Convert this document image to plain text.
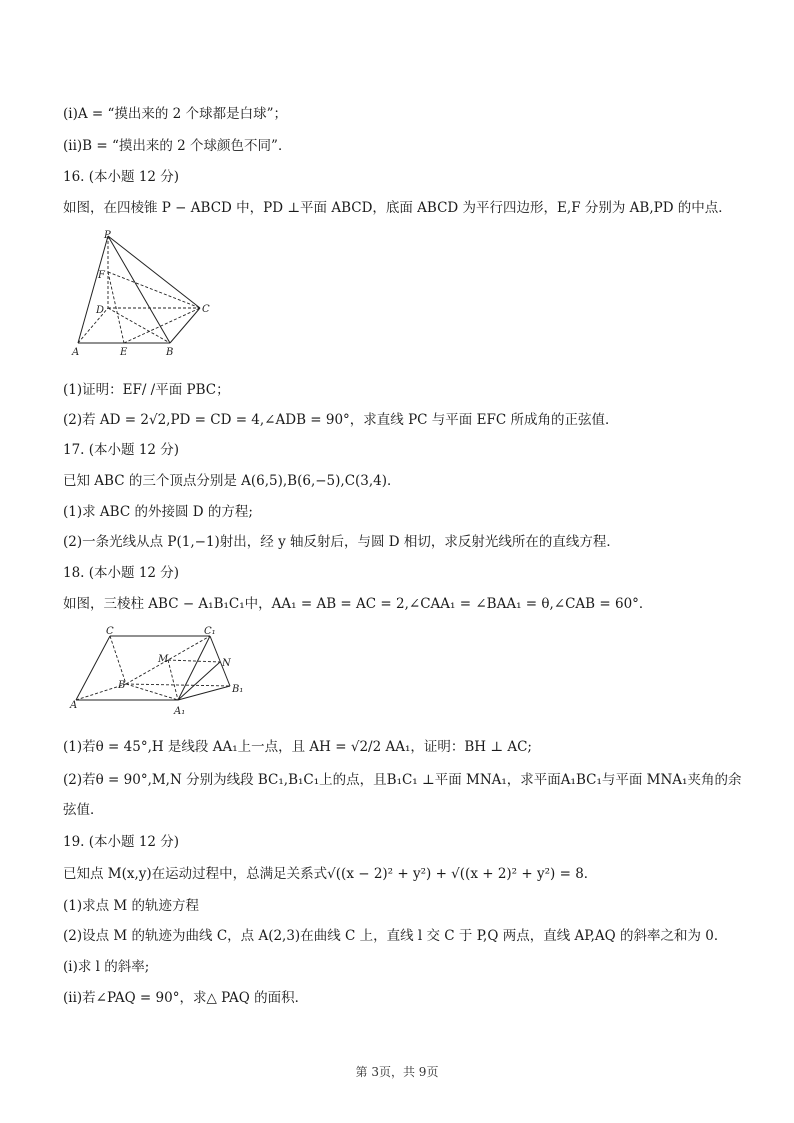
(i)A = “摸出来的 2 个球都是白球”；
(ii)B = “摸出来的 2 个球颜色不同”．
16. (本小题 12 分)
如图，在四棱锥 P − ABCD 中，PD ⊥平面 ABCD，底面 ABCD 为平行四边形，E,F 分别为 AB,PD 的中点．
P
F
D	C
A	E	B
(1)证明：EF/ /平面 PBC；
(2)若 AD = 2√2,PD = CD = 4,∠ADB = 90°，求直线 PC 与平面 EFC 所成角的正弦值．
17. (本小题 12 分)
已知 ABC 的三个顶点分别是 A(6,5),B(6,−5),C(3,4)．
(1)求 ABC 的外接圆 D 的方程;
(2)一条光线从点 P(1,−1)射出，经 y 轴反射后，与圆 D 相切，求反射光线所在的直线方程．
18. (本小题 12 分)
如图，三棱柱 ABC − A₁B₁C₁中，AA₁ = AB = AC = 2,∠CAA₁ = ∠BAA₁ = θ,∠CAB = 60°．
C	C₁
M	N
B	B₁
A
A₁
(1)若θ = 45°,H 是线段 AA₁上一点，且 AH = √2/2 AA₁，证明：BH ⊥ AC;
(2)若θ = 90°,M,N 分别为线段 BC₁,B₁C₁上的点，且B₁C₁ ⊥平面 MNA₁，求平面A₁BC₁与平面 MNA₁夹角的余
弦值．
19. (本小题 12 分)
已知点 M(x,y)在运动过程中，总满足关系式√((x − 2)² + y²) + √((x + 2)² + y²) = 8．
(1)求点 M 的轨迹方程
(2)设点 M 的轨迹为曲线 C，点 A(2,3)在曲线 C 上，直线 l 交 C 于 P,Q 两点，直线 AP,AQ 的斜率之和为 0．
(i)求 l 的斜率;
(ii)若∠PAQ = 90°，求△ PAQ 的面积．
第 3页，共 9页
